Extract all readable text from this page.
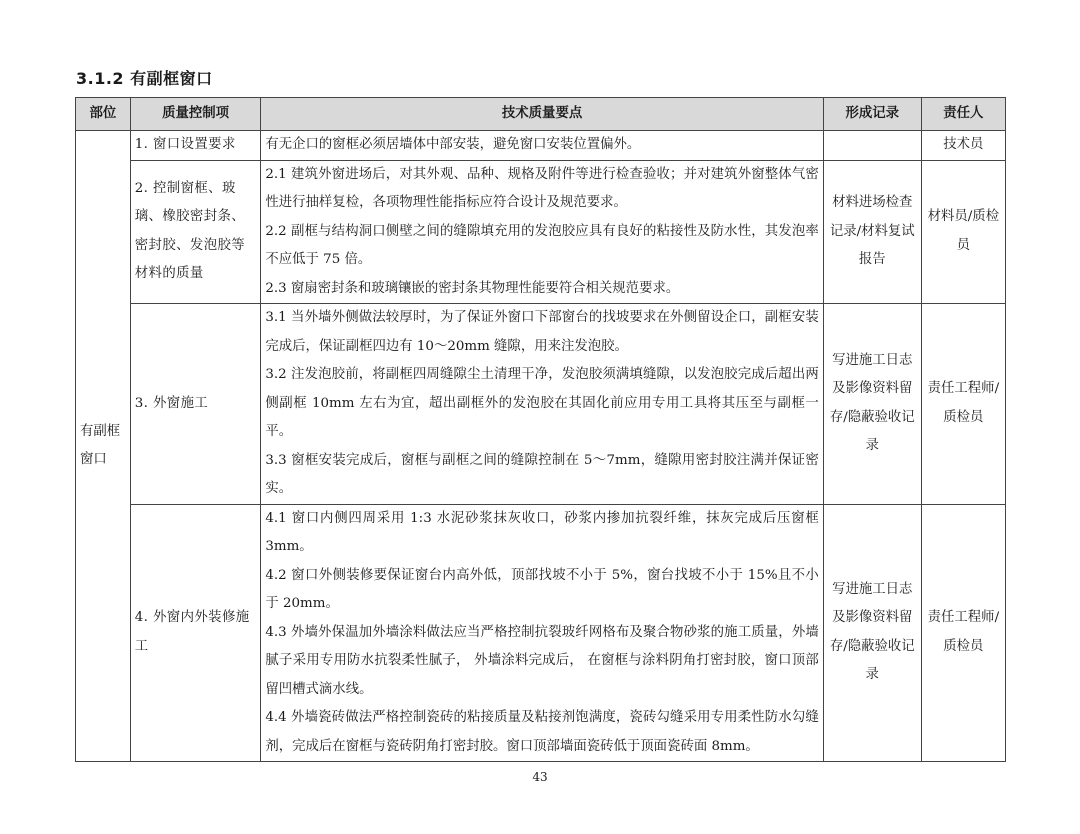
3.1.2 有副框窗口
部位	质量控制项	技术质量要点	形成记录	责任人
有副框窗口	1. 窗口设置要求	有无企口的窗框必须居墙体中部安装，避免窗口安装位置偏外。		技术员
	2. 控制窗框、玻璃、橡胶密封条、密封胶、发泡胶等材料的质量	2.1 建筑外窗进场后，对其外观、品种、规格及附件等进行检查验收；并对建筑外窗整体气密性进行抽样复检，各项物理性能指标应符合设计及规范要求。

2.2 副框与结构洞口侧壁之间的缝隙填充用的发泡胶应具有良好的粘接性及防水性，其发泡率不应低于 75 倍。

2.3 窗扇密封条和玻璃镶嵌的密封条其物理性能要符合相关规范要求。	材料进场检查记录/材料复试报告	材料员/质检员
	3. 外窗施工	3.1 当外墙外侧做法较厚时，为了保证外窗口下部窗台的找坡要求在外侧留设企口，副框安装完成后，保证副框四边有 10～20mm 缝隙，用来注发泡胶。

3.2 注发泡胶前，将副框四周缝隙尘土清理干净，发泡胶须满填缝隙，以发泡胶完成后超出两侧副框 10mm 左右为宜，超出副框外的发泡胶在其固化前应用专用工具将其压至与副框一平。

3.3 窗框安装完成后，窗框与副框之间的缝隙控制在 5～7mm，缝隙用密封胶注满并保证密实。	写进施工日志及影像资料留存/隐蔽验收记录	责任工程师/质检员
	4. 外窗内外装修施工	4.1 窗口内侧四周采用 1:3 水泥砂浆抹灰收口，砂浆内掺加抗裂纤维，抹灰完成后压窗框 3mm。

4.2 窗口外侧装修要保证窗台内高外低，顶部找坡不小于 5%，窗台找坡不小于 15%且不小于 20mm。

4.3 外墙外保温加外墙涂料做法应当严格控制抗裂玻纤网格布及聚合物砂浆的施工质量，外墙腻子采用专用防水抗裂柔性腻子， 外墙涂料完成后， 在窗框与涂料阴角打密封胶，窗口顶部留凹槽式滴水线。

4.4 外墙瓷砖做法严格控制瓷砖的粘接质量及粘接剂饱满度，瓷砖勾缝采用专用柔性防水勾缝剂，完成后在窗框与瓷砖阴角打密封胶。窗口顶部墙面瓷砖低于顶面瓷砖面 8mm。	写进施工日志及影像资料留存/隐蔽验收记录	责任工程师/质检员
43
